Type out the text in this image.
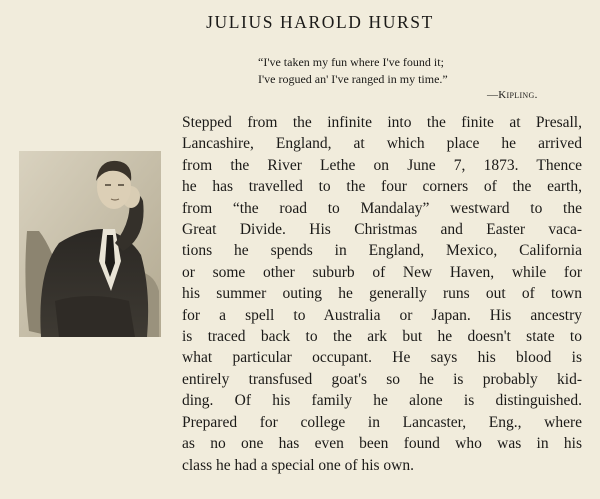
JULIUS HAROLD HURST
“I've taken my fun where I've found it;
I've rogued an' I've ranged in my time.”
—Kipling.

Stepped from the infinite into the finite at Presall,
Lancashire, England, at which place he arrived
from the River Lethe on June 7, 1873. Thence
he has travelled to the four corners of the earth,
from “the road to Mandalay” westward to the
Great Divide. His Christmas and Easter vaca-
tions he spends in England, Mexico, California
or some other suburb of New Haven, while for
his summer outing he generally runs out of town
for a spell to Australia or Japan. His ancestry
is traced back to the ark but he doesn't state to
what particular occupant. He says his blood is
entirely transfused goat's so he is probably kid-
ding. Of his family he alone is distinguished.
Prepared for college in Lancaster, Eng., where
as no one has even been found who was in his
class he had a special one of his own.
